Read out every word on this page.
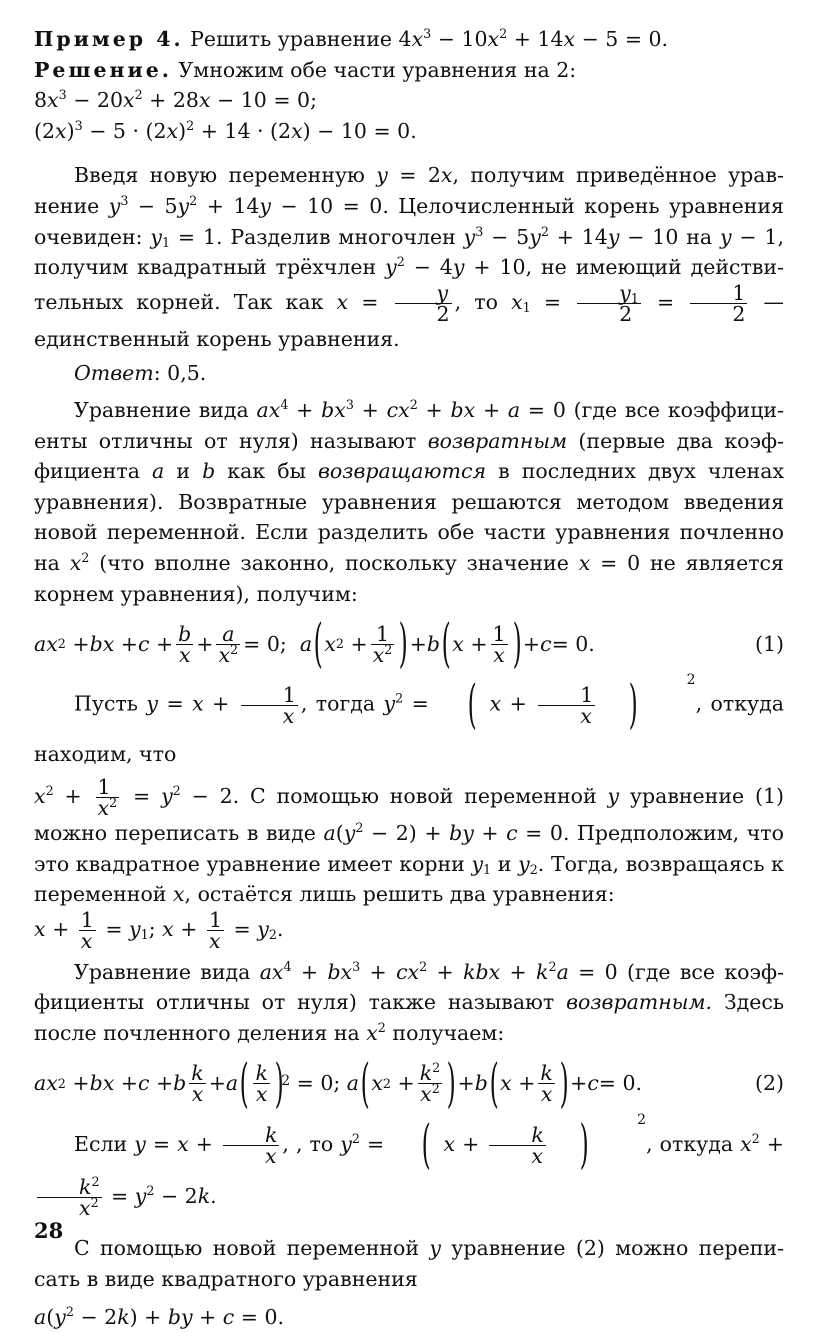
Пример 4. Решить уравнение $4x^3 - 10x^2 + 14x - 5 = 0$.
Решение. Умножим обе части уравнения на 2:
$8x^3 - 20x^2 + 28x - 10 = 0$;
$(2x)^3 - 5 \cdot (2x)^2 + 14 \cdot (2x) - 10 = 0$.
Введя новую переменную y = 2x, получим приведённое уравнение $y^3 - 5y^2 + 14y - 10 = 0$. Целочисленный корень уравнения очевиден: $y_1 = 1$. Разделив многочлен $y^3 - 5y^2 + 14y - 10$ на y − 1, получим квадратный трёхчлен $y^2 - 4y + 10$, не имеющий действительных корней. Так как $x = \frac{y}{2}$ , то $x_1 = \frac{y_1}{2} = \frac{1}{2}$ — единственный корень уравнения.
Ответ: 0,5.
Уравнение вида $ax^4 + bx^3 + cx^2$ + bx + a = 0 (где все коэффициенты отличны от нуля) называют возвратным (первые два коэффициента a и b как бы возвращаются в последних двух членах уравнения). Возвратные уравнения решаются методом введения новой переменной. Если разделить обе части уравнения почленно на $x^2$ (что вполне законно, поскольку значение x = 0 не является корнем уравнения), получим:
ax 2 + bx + c + b
x + a
$x^2 = 0$; a ( x 2 + 1
$x^2$ ) + b ( x + 1
x ) + c = 0.	(1)
Пусть $y = x + \frac{1}{x}$ , тогда $y^2$ = ( $x + \frac{1}{x}$ )	2, откуда находим, что
$x^2 + \frac{1}{x^2} = y^2 - 2$. С помощью новой переменной y уравнение (1) можно переписать в виде $a(y^2 - 2)$ + by + c = 0. Предположим, что это квадратное уравнение имеет корни $y_1$ и $y_2$. Тогда, возвращаясь к переменной x, остаётся лишь решить два уравнения:
$x + \frac{1}{x} = y_1$; $x + \frac{1}{x} = y_2$.
Уравнение вида $ax^4 + bx^3 + cx^2$ + kbx + $k^2a = 0$ (где все коэффициенты отличны от нуля) также называют возвратным. Здесь после почленного деления на $x^2$ получаем:
ax 2 + bx + c + b k
x + a ( k
x )
2 = 0; a ( x $2 + k^2$
$x^2$ ) + b ( x + k
x ) + c = 0.	(2)
Если $y = x + \frac{k}{x}$ , , то $y^2$ = ( $x + \frac{k}{x}$ )	2, откуда $x^2$ +
$\frac{k^2}{x^2} = y^2 - 2k$.
С помощью новой переменной y уравнение (2) можно переписать в виде квадратного уравнения
$a(y^2 - 2k)$ + by + c = 0.
28
